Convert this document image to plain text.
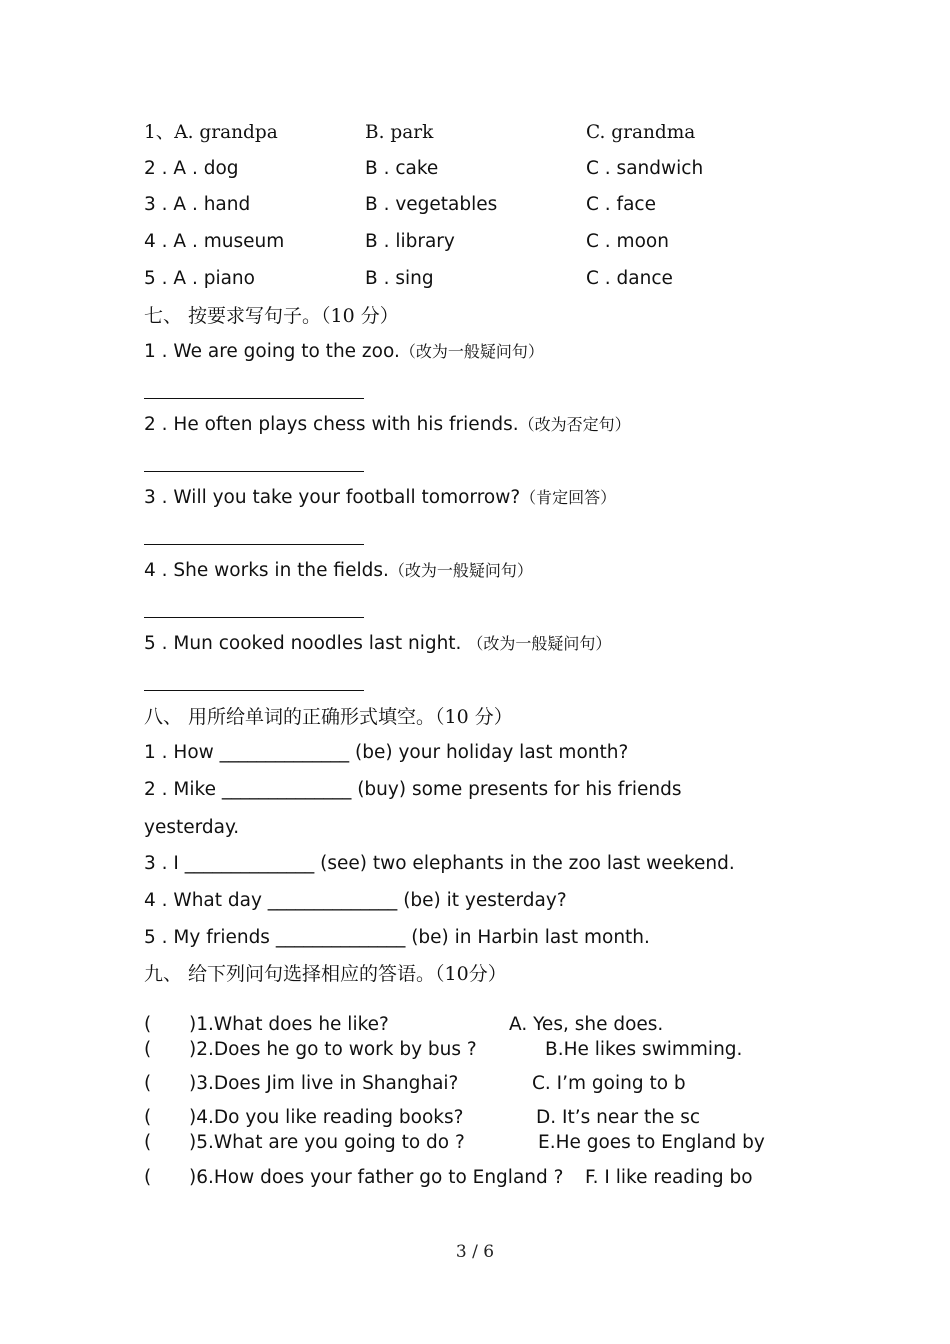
1、A. grandpa	B. park	C. grandma
2 . A . dog	B . cake	C . sandwich
3 . A . hand	B . vegetables	C . face
4 . A . museum	B . library	C . moon
5 . A . piano	B . sing	C . dance
七、 按要求写句子。（10 分）
1 . We are going to the zoo.（改为一般疑问句）
2 . He often plays chess with his friends.（改为否定句）
3 . Will you take your football tomorrow?（肯定回答）
4 . She works in the fields.（改为一般疑问句）
5 . Mun cooked noodles last night. （改为一般疑问句）
八、 用所给单词的正确形式填空。（10 分）
1 . How ______________ (be) your holiday last month?
2 . Mike ______________ (buy) some presents for his friends
yesterday.
3 . I ______________ (see) two elephants in the zoo last weekend.
4 . What day ______________ (be) it yesterday?
5 . My friends ______________ (be) in Harbin last month.
九、 给下列问句选择相应的答语。（10分）
( )1.What does he like?	A. Yes, she does.
( )2.Does he go to work by bus ?	B.He likes swimming.
( )3.Does Jim live in Shanghai?	C. I’m going to b
( )4.Do you like reading books?	D. It’s near the sc
( )5.What are you going to do ?	E.He goes to England by
( )6.How does your father go to England ? F. I like reading bo
3 / 6
